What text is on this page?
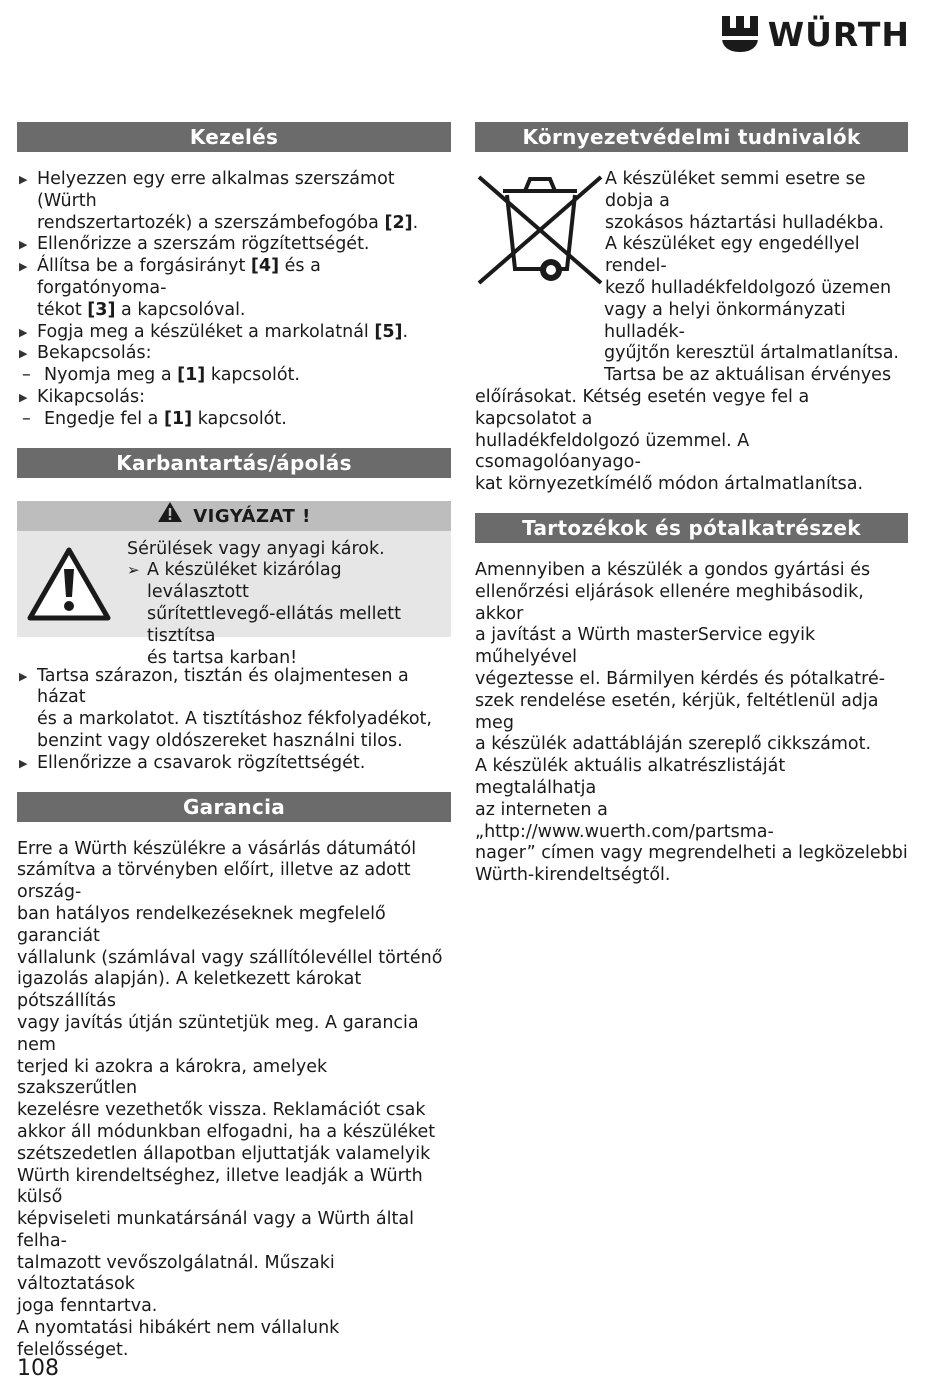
WÜRTH
Kezelés
▶ Helyezzen egy erre alkalmas szerszámot (Würth
rendszertartozék) a szerszámbefogóba [2].
▶ Ellenőrizze a szerszám rögzítettségét.
▶ Állítsa be a forgásirányt [4] és a forgatónyoma-
tékot [3] a kapcsolóval.
▶ Fogja meg a készüléket a markolatnál [5].
▶ Bekapcsolás:
– Nyomja meg a [1] kapcsolót.
▶ Kikapcsolás:
– Engedje fel a [1] kapcsolót.
Karbantartás/ápolás
VIGYÁZAT !
Sérülések vagy anyagi károk.
➢ A készüléket kizárólag leválasztott
sűrítettlevegő-ellátás mellett tisztítsa
és tartsa karban!
▶ Tartsa szárazon, tisztán és olajmentesen a házat
és a markolatot. A tisztításhoz fékfolyadékot,
benzint vagy oldószereket használni tilos.
▶ Ellenőrizze a csavarok rögzítettségét.
Garancia
Erre a Würth készülékre a vásárlás dátumától
számítva a törvényben előírt, illetve az adott ország-
ban hatályos rendelkezéseknek megfelelő garanciát
vállalunk (számlával vagy szállítólevéllel történő
igazolás alapján). A keletkezett károkat pótszállítás
vagy javítás útján szüntetjük meg. A garancia nem
terjed ki azokra a károkra, amelyek szakszerűtlen
kezelésre vezethetők vissza. Reklamációt csak
akkor áll módunkban elfogadni, ha a készüléket
szétszedetlen állapotban eljuttatják valamelyik
Würth kirendeltséghez, illetve leadják a Würth külső
képviseleti munkatársánál vagy a Würth által felha-
talmazott vevőszolgálatnál. Műszaki változtatások
joga fenntartva.
A nyomtatási hibákért nem vállalunk felelősséget.
Környezetvédelmi tudnivalók
A készüléket semmi esetre se dobja a
szokásos háztartási hulladékba.
A készüléket egy engedéllyel rendel-
kező hulladékfeldolgozó üzemen
vagy a helyi önkormányzati hulladék-
gyűjtőn keresztül ártalmatlanítsa.
Tartsa be az aktuálisan érvényes
előírásokat. Kétség esetén vegye fel a kapcsolatot a
hulladékfeldolgozó üzemmel. A csomagolóanyago-
kat környezetkímélő módon ártalmatlanítsa.
Tartozékok és pótalkatrészek
Amennyiben a készülék a gondos gyártási és
ellenőrzési eljárások ellenére meghibásodik, akkor
a javítást a Würth masterService egyik műhelyével
végeztesse el. Bármilyen kérdés és pótalkatré-
szek rendelése esetén, kérjük, feltétlenül adja meg
a készülék adattábláján szereplő cikkszámot.
A készülék aktuális alkatrészlistáját megtalálhatja
az interneten a „http://www.wuerth.com/partsma-
nager” címen vagy megrendelheti a legközelebbi
Würth-kirendeltségtől.
108
